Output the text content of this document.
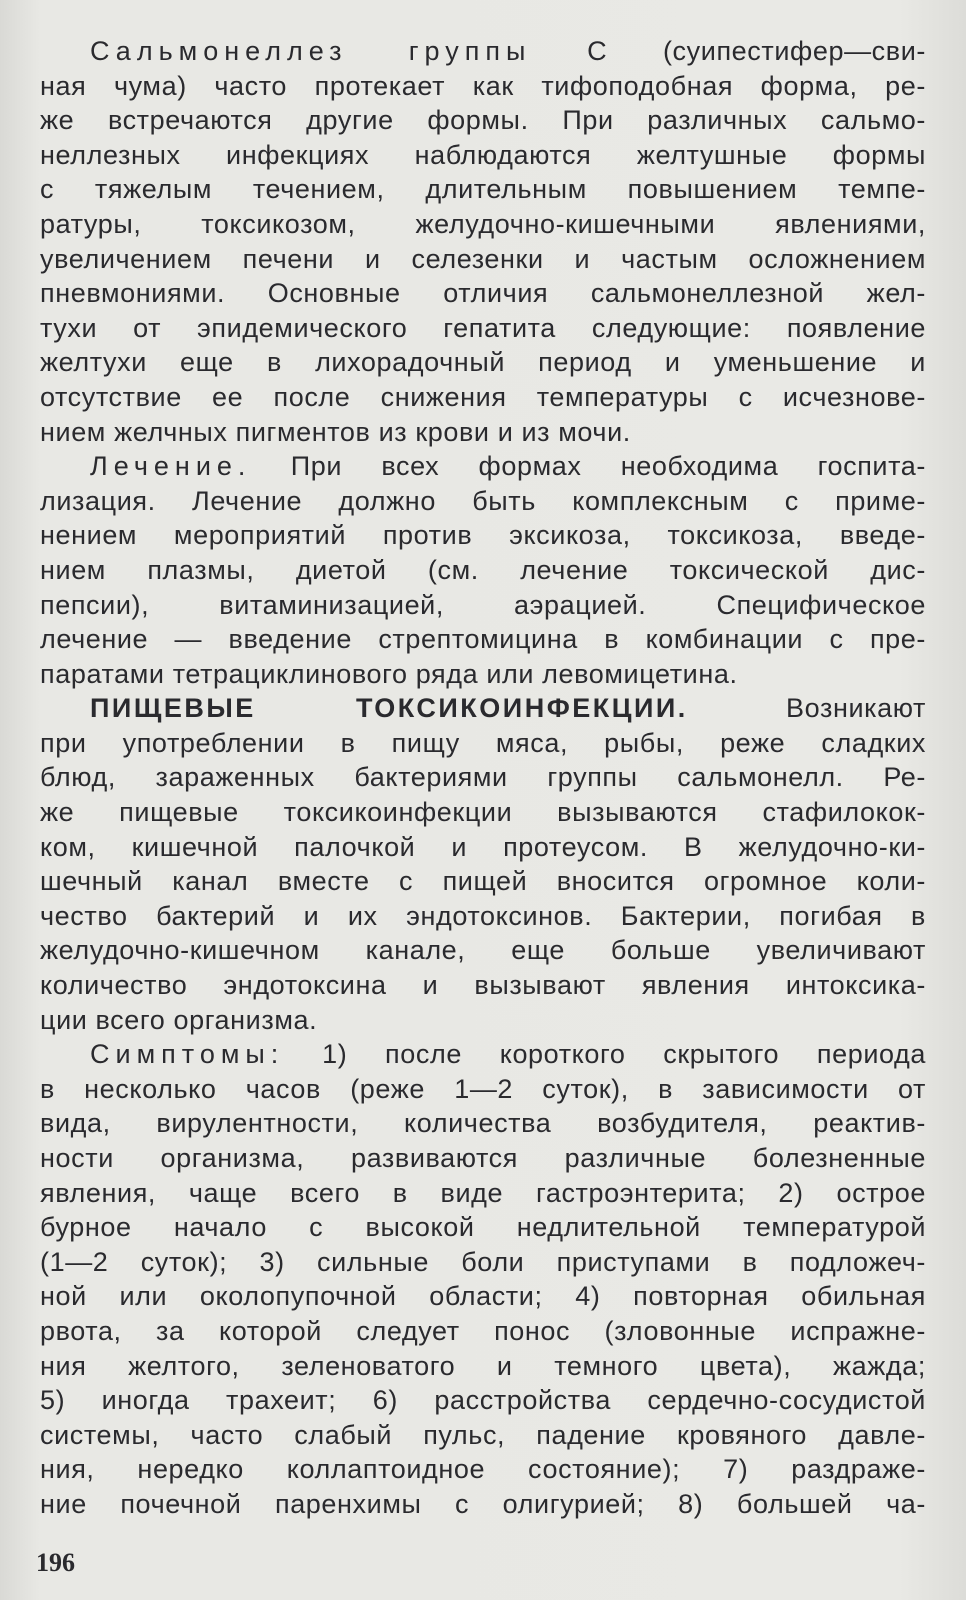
Сальмонеллез группы С (суипестифер—сви-
ная чума) часто протекает как тифоподобная форма, ре-
же встречаются другие формы. При различных сальмо-
неллезных инфекциях наблюдаются желтушные формы
с тяжелым течением, длительным повышением темпе-
ратуры, токсикозом, желудочно-кишечными явлениями,
увеличением печени и селезенки и частым осложнением
пневмониями. Основные отличия сальмонеллезной жел-
тухи от эпидемического гепатита следующие: появление
желтухи еще в лихорадочный период и уменьшение и
отсутствие ее после снижения температуры с исчезнове-
нием желчных пигментов из крови и из мочи.
Лечение. При всех формах необходима госпита-
лизация. Лечение должно быть комплексным с приме-
нением мероприятий против эксикоза, токсикоза, введе-
нием плазмы, диетой (см. лечение токсической дис-
пепсии), витаминизацией, аэрацией. Специфическое
лечение — введение стрептомицина в комбинации с пре-
паратами тетрациклинового ряда или левомицетина.
ПИЩЕВЫЕ ТОКСИКОИНФЕКЦИИ. Возникают
при употреблении в пищу мяса, рыбы, реже сладких
блюд, зараженных бактериями группы сальмонелл. Ре-
же пищевые токсикоинфекции вызываются стафилокок-
ком, кишечной палочкой и протеусом. В желудочно-ки-
шечный канал вместе с пищей вносится огромное коли-
чество бактерий и их эндотоксинов. Бактерии, погибая в
желудочно-кишечном канале, еще больше увеличивают
количество эндотоксина и вызывают явления интоксика-
ции всего организма.
Симптомы: 1) после короткого скрытого периода
в несколько часов (реже 1—2 суток), в зависимости от
вида, вирулентности, количества возбудителя, реактив-
ности организма, развиваются различные болезненные
явления, чаще всего в виде гастроэнтерита; 2) острое
бурное начало с высокой недлительной температурой
(1—2 суток); 3) сильные боли приступами в подложеч-
ной или околопупочной области; 4) повторная обильная
рвота, за которой следует понос (зловонные испражне-
ния желтого, зеленоватого и темного цвета), жажда;
5) иногда трахеит; 6) расстройства сердечно-сосудистой
системы, часто слабый пульс, падение кровяного давле-
ния, нередко коллаптоидное состояние); 7) раздраже-
ние почечной паренхимы с олигурией; 8) большей ча-
196
